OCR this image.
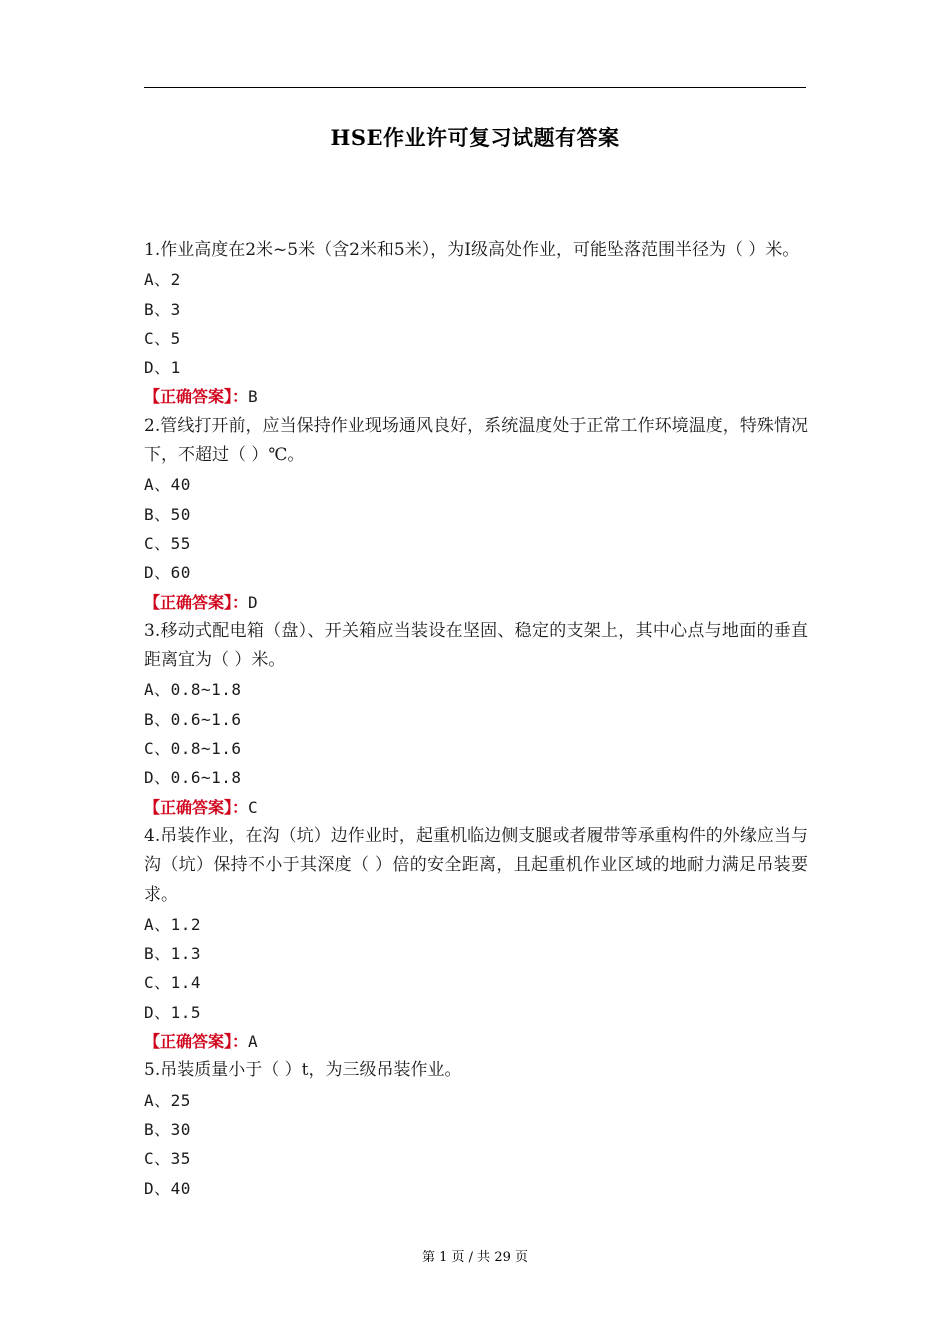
HSE作业许可复习试题有答案
1.作业高度在2米~5米（含2米和5米），为Ⅰ级高处作业，可能坠落范围半径为（ ）米。
A、2
B、3
C、5
D、1
【正确答案】：B
2.管线打开前，应当保持作业现场通风良好，系统温度处于正常工作环境温度，特殊情况下，不超过（ ）℃。
A、40
B、50
C、55
D、60
【正确答案】：D
3.移动式配电箱（盘）、开关箱应当装设在坚固、稳定的支架上，其中心点与地面的垂直距离宜为（ ）米。
A、0.8~1.8
B、0.6~1.6
C、0.8~1.6
D、0.6~1.8
【正确答案】：C
4.吊装作业，在沟（坑）边作业时，起重机临边侧支腿或者履带等承重构件的外缘应当与沟（坑）保持不小于其深度（ ）倍的安全距离，且起重机作业区域的地耐力满足吊装要求。
A、1.2
B、1.3
C、1.4
D、1.5
【正确答案】：A
5.吊装质量小于（ ）t，为三级吊装作业。
A、25
B、30
C、35
D、40
第 1 页 / 共 29 页
